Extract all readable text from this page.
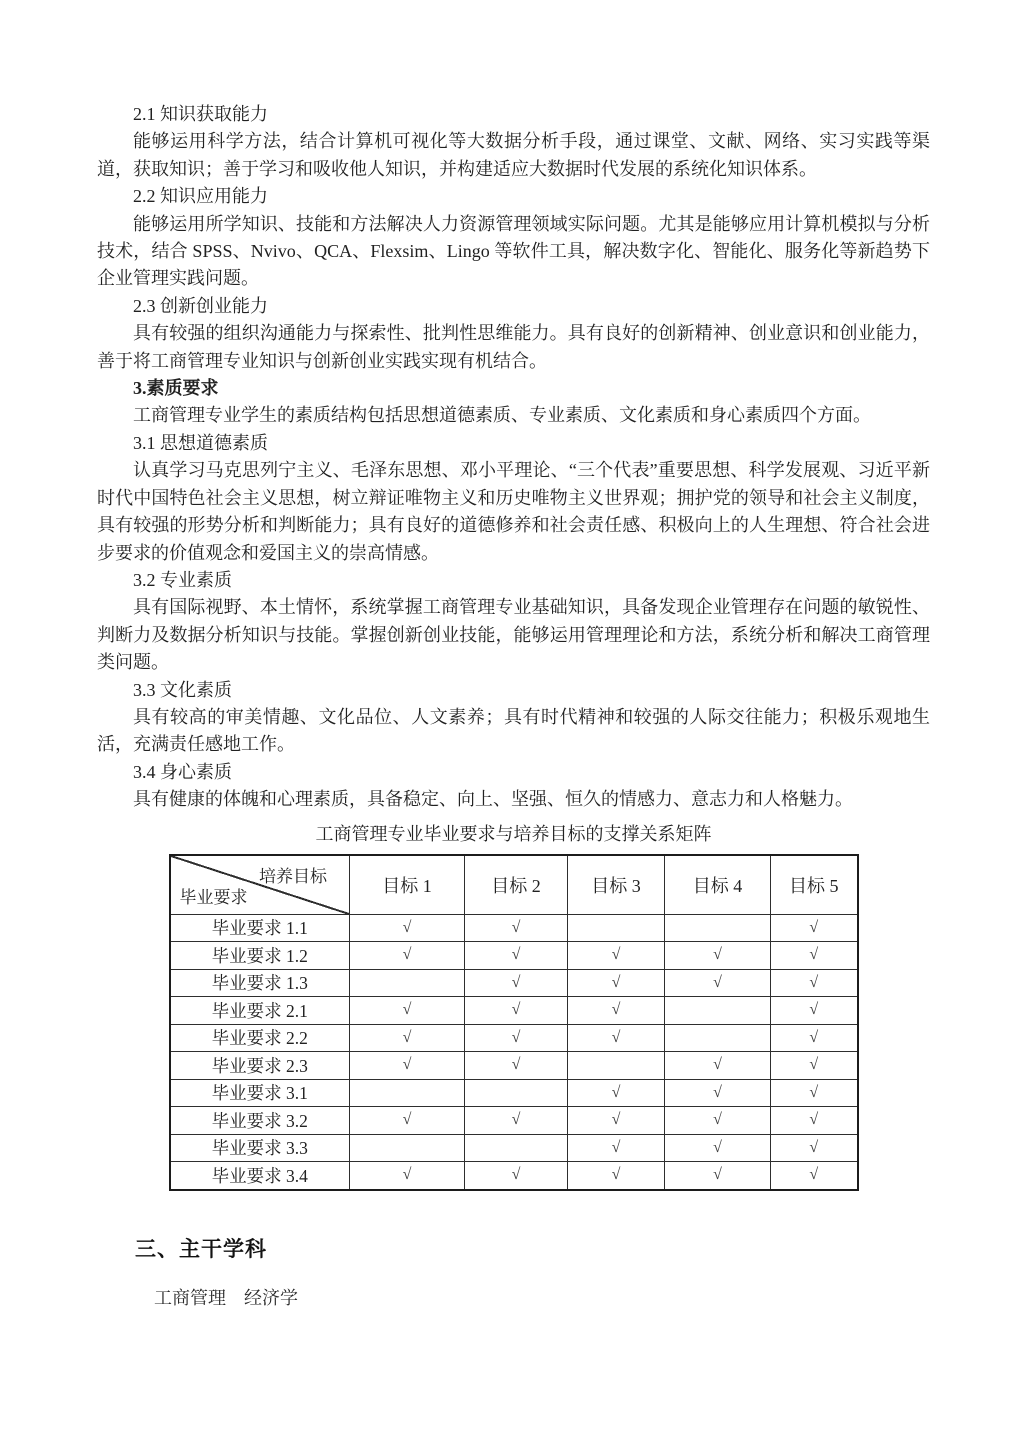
2.1 知识获取能力

能够运用科学方法，结合计算机可视化等大数据分析手段，通过课堂、文献、网络、实习实践等渠道，获取知识；善于学习和吸收他人知识，并构建适应大数据时代发展的系统化知识体系。

2.2 知识应用能力

能够运用所学知识、技能和方法解决人力资源管理领域实际问题。尤其是能够应用计算机模拟与分析技术，结合 SPSS、Nvivo、QCA、Flexsim、Lingo 等软件工具，解决数字化、智能化、服务化等新趋势下企业管理实践问题。

2.3 创新创业能力

具有较强的组织沟通能力与探索性、批判性思维能力。具有良好的创新精神、创业意识和创业能力，善于将工商管理专业知识与创新创业实践实现有机结合。

3.素质要求

工商管理专业学生的素质结构包括思想道德素质、专业素质、文化素质和身心素质四个方面。

3.1 思想道德素质

认真学习马克思列宁主义、毛泽东思想、邓小平理论、“三个代表”重要思想、科学发展观、习近平新时代中国特色社会主义思想，树立辩证唯物主义和历史唯物主义世界观；拥护党的领导和社会主义制度，具有较强的形势分析和判断能力；具有良好的道德修养和社会责任感、积极向上的人生理想、符合社会进步要求的价值观念和爱国主义的崇高情感。

3.2 专业素质

具有国际视野、本土情怀，系统掌握工商管理专业基础知识，具备发现企业管理存在问题的敏锐性、判断力及数据分析知识与技能。掌握创新创业技能，能够运用管理理论和方法，系统分析和解决工商管理类问题。

3.3 文化素质

具有较高的审美情趣、文化品位、人文素养；具有时代精神和较强的人际交往能力；积极乐观地生活，充满责任感地工作。

3.4 身心素质

具有健康的体魄和心理素质，具备稳定、向上、坚强、恒久的情感力、意志力和人格魅力。

工商管理专业毕业要求与培养目标的支撑关系矩阵
培养目标
毕业要求	目标 1	目标 2	目标 3	目标 4	目标 5
毕业要求 1.1	√	√			√
毕业要求 1.2	√	√	√	√	√
毕业要求 1.3		√	√	√	√
毕业要求 2.1	√	√	√		√
毕业要求 2.2	√	√	√		√
毕业要求 2.3	√	√		√	√
毕业要求 3.1			√	√	√
毕业要求 3.2	√	√	√	√	√
毕业要求 3.3			√	√	√
毕业要求 3.4	√	√	√	√	√
三、主干学科
工商管理　经济学
